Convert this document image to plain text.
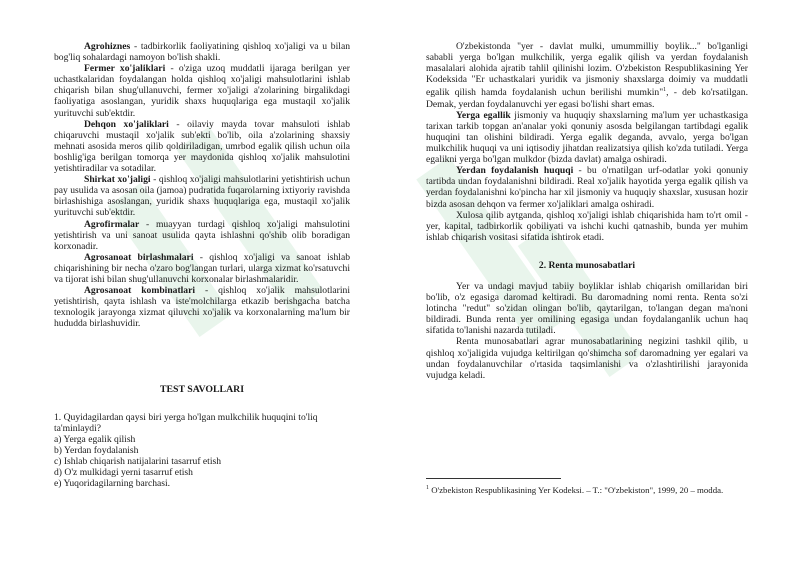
Agrohiznes - tadbirkorlik faoliyatining qishloq xo'jaligi va u bilan bog'liq sohalardagi namoyon bo'lish shakli.

Fermer xo'jaliklari - o'ziga uzoq muddatli ijaraga berilgan yer uchastkalaridan foydalangan holda qishloq xo'jaligi mahsulotlarini ishlab chiqarish bilan shug'ullanuvchi, fermer xo'jaligi a'zolarining birgalikdagi faoliyatiga asoslangan, yuridik shaxs huquqlariga ega mustaqil xo'jalik yurituvchi sub'ektdir.

Dehqon xo'jaliklari - oilaviy mayda tovar mahsuloti ishlab chiqaruvchi mustaqil xo'jalik sub'ekti bo'lib, oila a'zolarining shaxsiy mehnati asosida meros qilib qoldiriladigan, umrbod egalik qilish uchun oila boshlig'iga berilgan tomorqa yer maydonida qishloq xo'jalik mahsulotini yetishtiradilar va sotadilar.

Shirkat xo'jaligi - qishloq xo'jaligi mahsulotlarini yetishtirish uchun pay usulida va asosan oila (jamoa) pudratida fuqarolarning ixtiyoriy ravishda birlashishiga asoslangan, yuridik shaxs huquqlariga ega, mustaqil xo'jalik yurituvchi sub'ektdir.

Agrofirmalar - muayyan turdagi qishloq xo'jaligi mahsulotini yetishtirish va uni sanoat usulida qayta ishlashni qo'shib olib boradigan korxonadir.

Agrosanoat birlashmalari - qishloq xo'jaligi va sanoat ishlab chiqarishining bir necha o'zaro bog'langan turlari, ularga xizmat ko'rsatuvchi va tijorat ishi bilan shug'ullanuvchi korxonalar birlashmalaridir.

Agrosanoat kombinatlari - qishloq xo'jalik mahsulotlarini yetishtirish, qayta ishlash va iste'molchilarga etkazib berishgacha batcha texnologik jarayonga xizmat qiluvchi xo'jalik va korxonalarning ma'lum bir hududda birlashuvidir.

TEST SAVOLLARI

1. Quyidagilardan qaysi biri yerga ho'lgan mulkchilik huquqini to'liq ta'minlaydi?

a) Yerga egalik qilish

b) Yerdan foydalanish

c) Ishlab chiqarish natijalarini tasarruf etish

d) O'z mulkidagi yerni tasarruf etish

e) Yuqoridagilarning barchasi.

O'zbekistonda "yer - davlat mulki, umummilliy boylik..." bo'lganligi sababli yerga bo'lgan mulkchilik, yerga egalik qilish va yerdan foydalanish masalalari alohida ajratib tahlil qilinishi lozim. O'zbekiston Respublikasining Yer Kodeksida "Er uchastkalari yuridik va jismoniy shaxslarga doimiy va muddatli egalik qilish hamda foydalanish uchun berilishi mumkin"$^1$, - deb ko'rsatilgan. Demak, yerdan foydalanuvchi yer egasi bo'lishi shart emas.

Yerga egallik jismoniy va huquqiy shaxslarning ma'lum yer uchastkasiga tarixan tarkib topgan an'analar yoki qonuniy asosda belgilangan tartibdagi egalik huquqini tan olishini bildiradi. Yerga egalik deganda, avvalo, yerga bo'lgan mulkchilik huquqi va uni iqtisodiy jihatdan realizatsiya qilish ko'zda tutiladi. Yerga egalikni yerga bo'lgan mulkdor (bizda davlat) amalga oshiradi.

Yerdan foydalanish huquqi - bu o'rnatilgan urf-odatlar yoki qonuniy tartibda undan foydalanishni bildiradi. Real xo'jalik hayotida yerga egalik qilish va yerdan foydalanishni ko'pincha har xil jismoniy va huquqiy shaxslar, xususan hozir bizda asosan dehqon va fermer xo'jaliklari amalga oshiradi.

Xulosa qilib aytganda, qishloq xo'jaligi ishlab chiqarishida ham to'rt omil - yer, kapital, tadbirkorlik qobiliyati va ishchi kuchi qatnashib, bunda yer muhim ishlab chiqarish vositasi sifatida ishtirok etadi.

2. Renta munosabatlari

Yer va undagi mavjud tabiiy boyliklar ishlab chiqarish omillaridan biri bo'lib, o'z egasiga daromad keltiradi. Bu daromadning nomi renta. Renta so'zi lotincha "redut" so'zidan olingan bo'lib, qaytarilgan, to'langan degan ma'noni bildiradi. Bunda renta yer omilining egasiga undan foydalanganlik uchun haq sifatida to'lanishi nazarda tutiladi.

Renta munosabatlari agrar munosabatlarining negizini tashkil qilib, u qishloq xo'jaligida vujudga keltirilgan qo'shimcha sof daromadning yer egalari va undan foydalanuvchilar o'rtasida taqsimlanishi va o'zlashtirilishi jarayonida vujudga keladi.

$^1$ O'zbekiston Respublikasining Yer Kodeksi. – T.: "O'zbekiston", 1999, 20 – modda.
